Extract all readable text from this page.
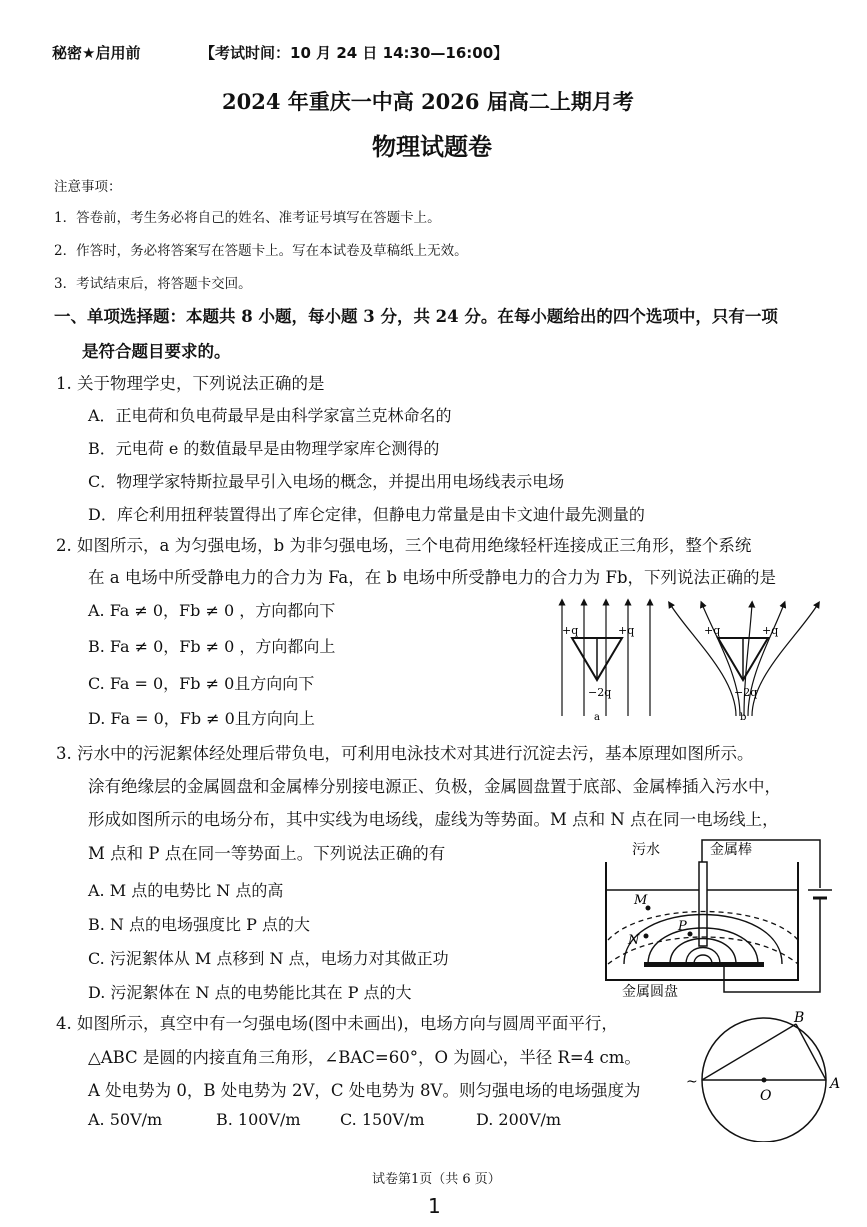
秘密★启用前	【考试时间：10 月 24 日 14:30—16:00】
2024 年重庆一中高 2026 届高二上期月考
物理试题卷
注意事项：
1．答卷前，考生务必将自己的姓名、准考证号填写在答题卡上。
2．作答时，务必将答案写在答题卡上。写在本试卷及草稿纸上无效。
3．考试结束后，将答题卡交回。
一、单项选择题：本题共 8 小题，每小题 3 分，共 24 分。在每小题给出的四个选项中，只有一项
是符合题目要求的。
1. 关于物理学史，下列说法正确的是
A．正电荷和负电荷最早是由科学家富兰克林命名的
B．元电荷 e 的数值最早是由物理学家库仑测得的
C．物理学家特斯拉最早引入电场的概念，并提出用电场线表示电场
D．库仑利用扭秤装置得出了库仑定律，但静电力常量是由卡文迪什最先测量的
2. 如图所示，a 为匀强电场，b 为非匀强电场，三个电荷用绝缘轻杆连接成正三角形，整个系统
在 a 电场中所受静电力的合力为 Fa，在 b 电场中所受静电力的合力为 Fb，下列说法正确的是
A. Fa ≠ 0，Fb ≠ 0 ，方向都向下
B. Fa ≠ 0，Fb ≠ 0 ，方向都向上
C. Fa = 0，Fb ≠ 0且方向向下
D. Fa = 0，Fb ≠ 0且方向向上
+q	+q
−2q
a
+q	+q
−2q
b
3. 污水中的污泥絮体经处理后带负电，可利用电泳技术对其进行沉淀去污，基本原理如图所示。
涂有绝缘层的金属圆盘和金属棒分别接电源正、负极，金属圆盘置于底部、金属棒插入污水中，
形成如图所示的电场分布，其中实线为电场线，虚线为等势面。M 点和 N 点在同一电场线上，
M 点和 P 点在同一等势面上。下列说法正确的有
A. M 点的电势比 N 点的高
B. N 点的电场强度比 P 点的大
C. 污泥絮体从 M 点移到 N 点，电场力对其做正功
D. 污泥絮体在 N 点的电势能比其在 P 点的大
M
N
P
污水	金属棒
金属圆盘
4. 如图所示，真空中有一匀强电场(图中未画出)，电场方向与圆周平面平行，
△ABC 是圆的内接直角三角形，∠BAC=60°，O 为圆心，半径 R=4 cm。
A 处电势为 0，B 处电势为 2V，C 处电势为 8V。则匀强电场的电场强度为
A. 50V/m	B. 100V/m C. 150V/m	D. 200V/m
O
B
A
~
试卷第1页（共 6 页）
1
